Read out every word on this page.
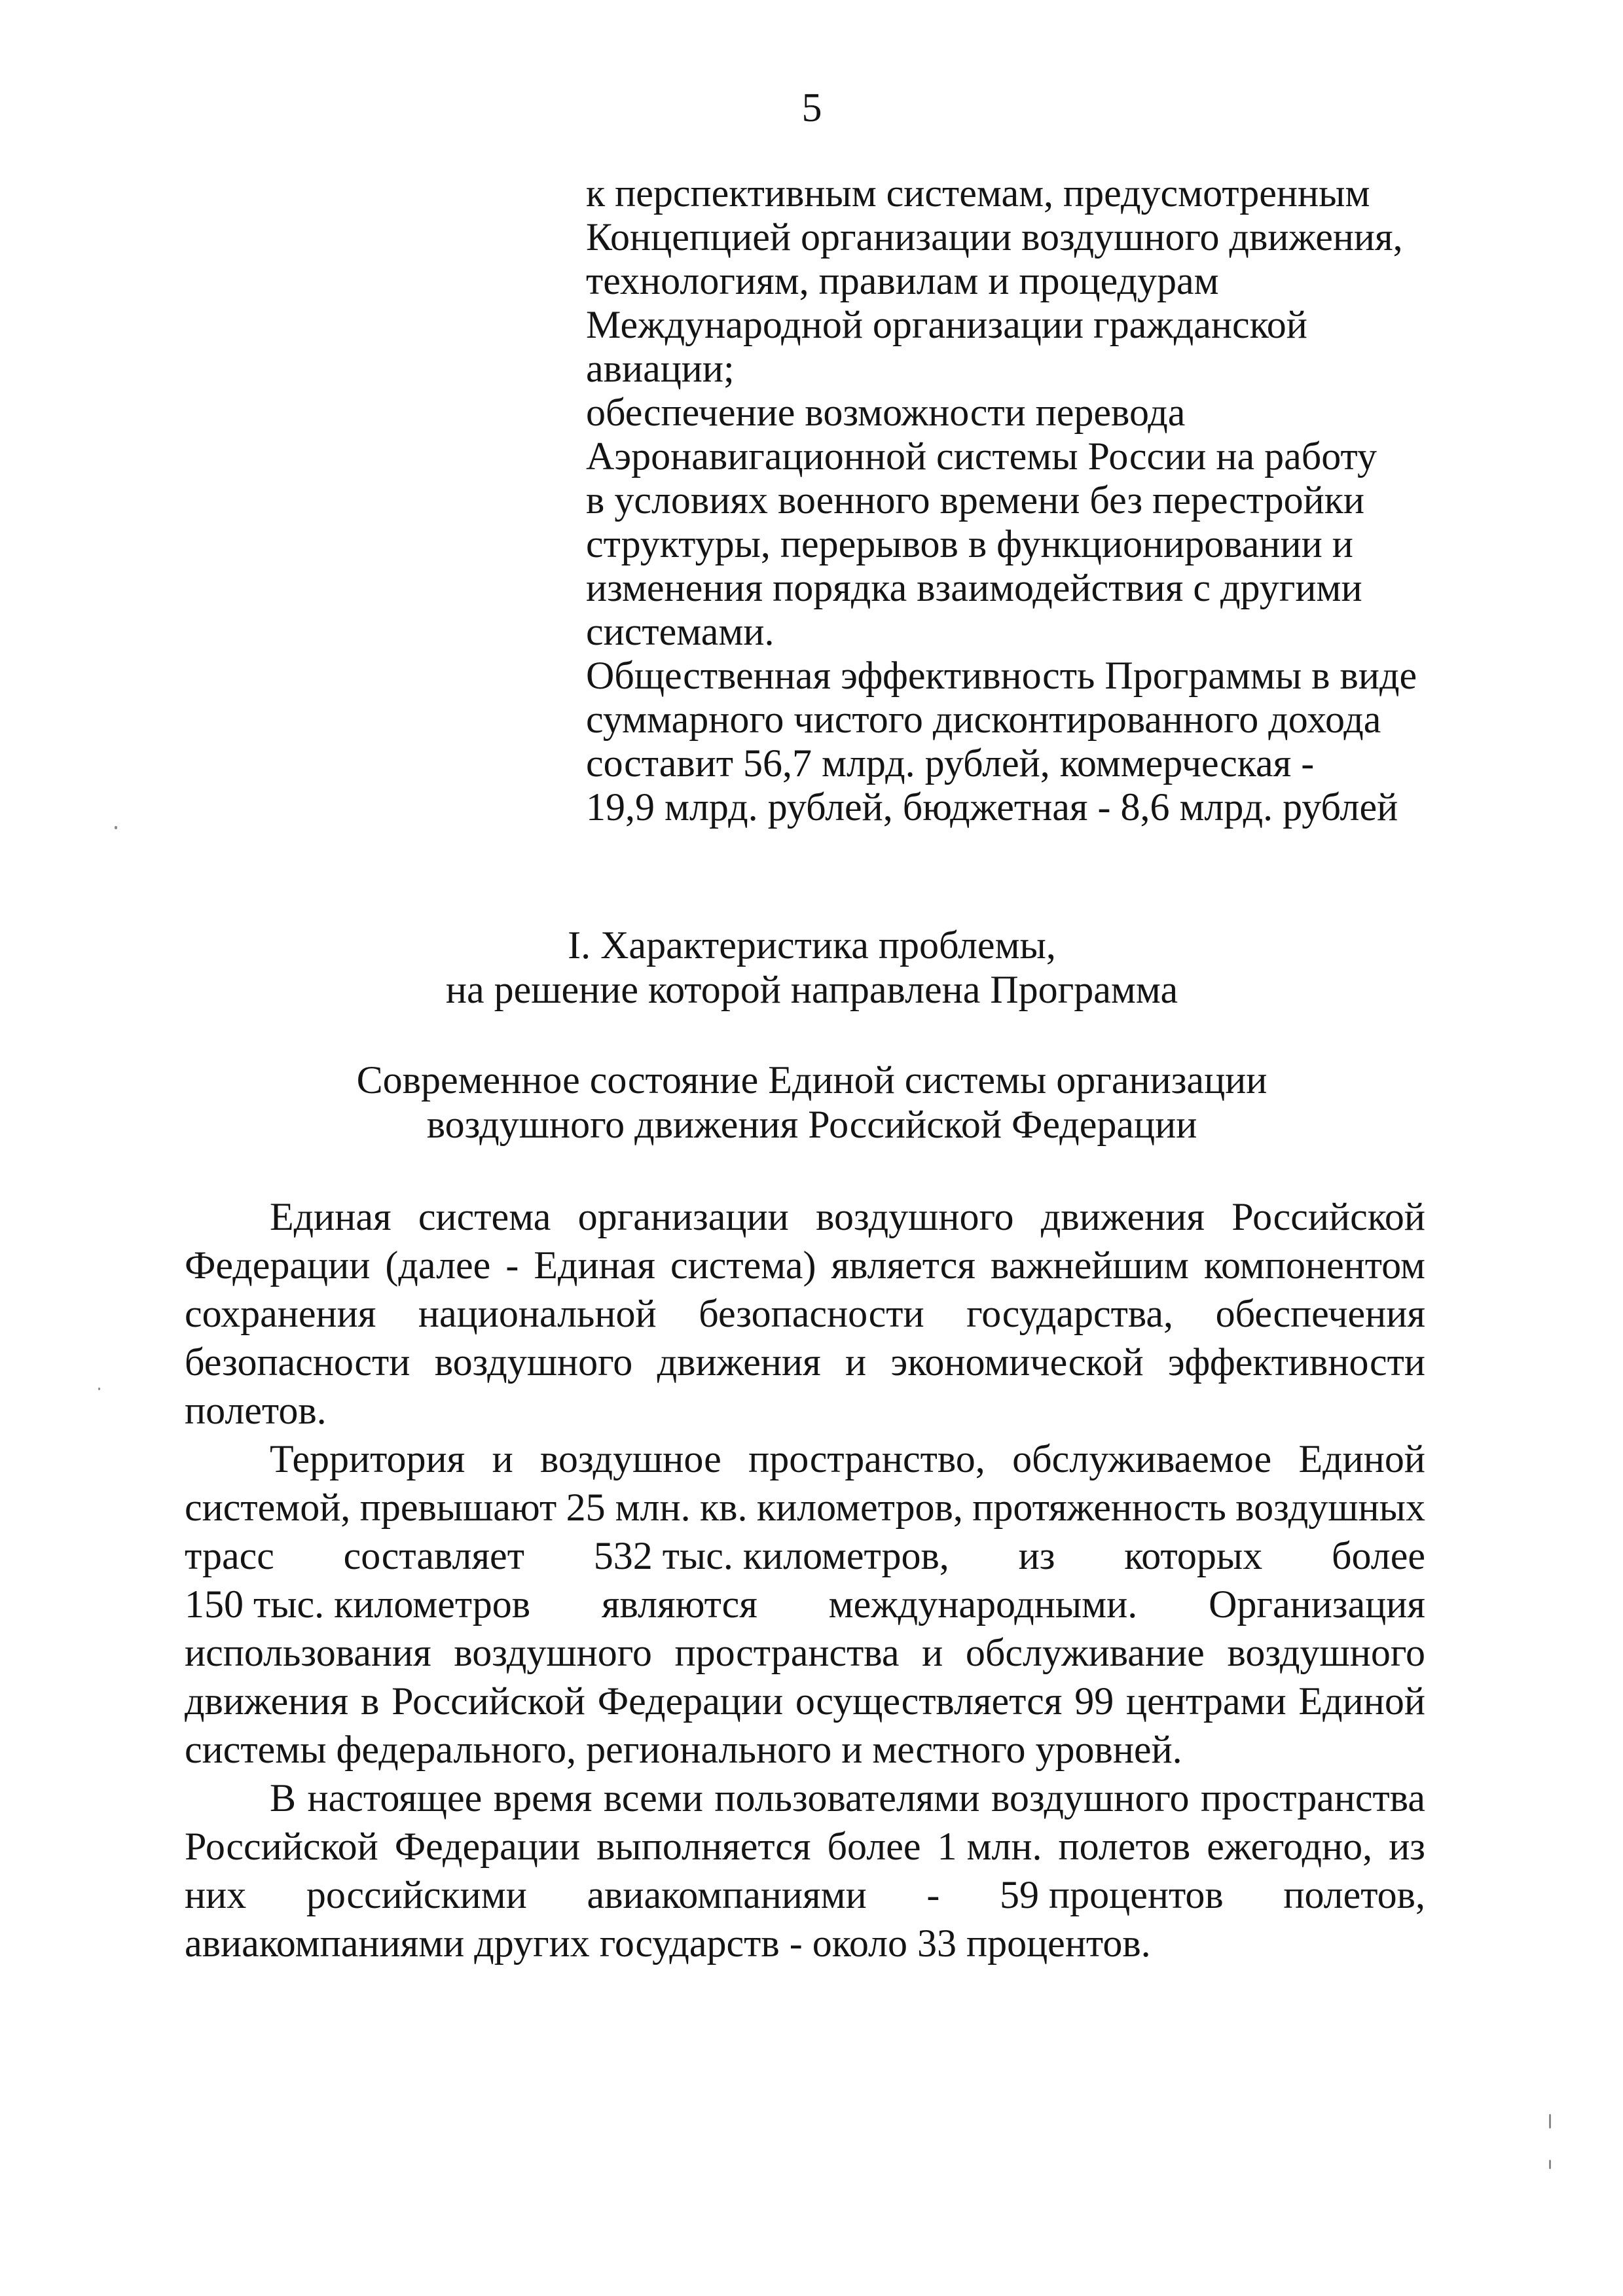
5
к перспективным системам, предусмотренным
Концепцией организации воздушного движения,
технологиям, правилам и процедурам
Международной организации гражданской
авиации;
обеспечение возможности перевода
Аэронавигационной системы России на работу
в условиях военного времени без перестройки
структуры, перерывов в функционировании и
изменения порядка взаимодействия с другими
системами.
Общественная эффективность Программы в виде
суммарного чистого дисконтированного дохода
составит 56,7 млрд. рублей, коммерческая -
19,9 млрд. рублей, бюджетная - 8,6 млрд. рублей
I. Характеристика проблемы,
на решение которой направлена Программа
Современное состояние Единой системы организации
воздушного движения Российской Федерации
Единая система организации воздушного движения Российской
Федерации (далее - Единая система) является важнейшим компонентом
сохранения национальной безопасности государства, обеспечения
безопасности воздушного движения и экономической эффективности
полетов.
Территория и воздушное пространство, обслуживаемое Единой
системой, превышают 25 млн. кв. километров, протяженность воздушных
трасс составляет 532 тыс. километров, из которых более
150 тыс. километров являются международными. Организация
использования воздушного пространства и обслуживание воздушного
движения в Российской Федерации осуществляется 99 центрами Единой
системы федерального, регионального и местного уровней.
В настоящее время всеми пользователями воздушного пространства
Российской Федерации выполняется более 1 млн. полетов ежегодно, из
них российскими авиакомпаниями - 59 процентов полетов,
авиакомпаниями других государств - около 33 процентов.
